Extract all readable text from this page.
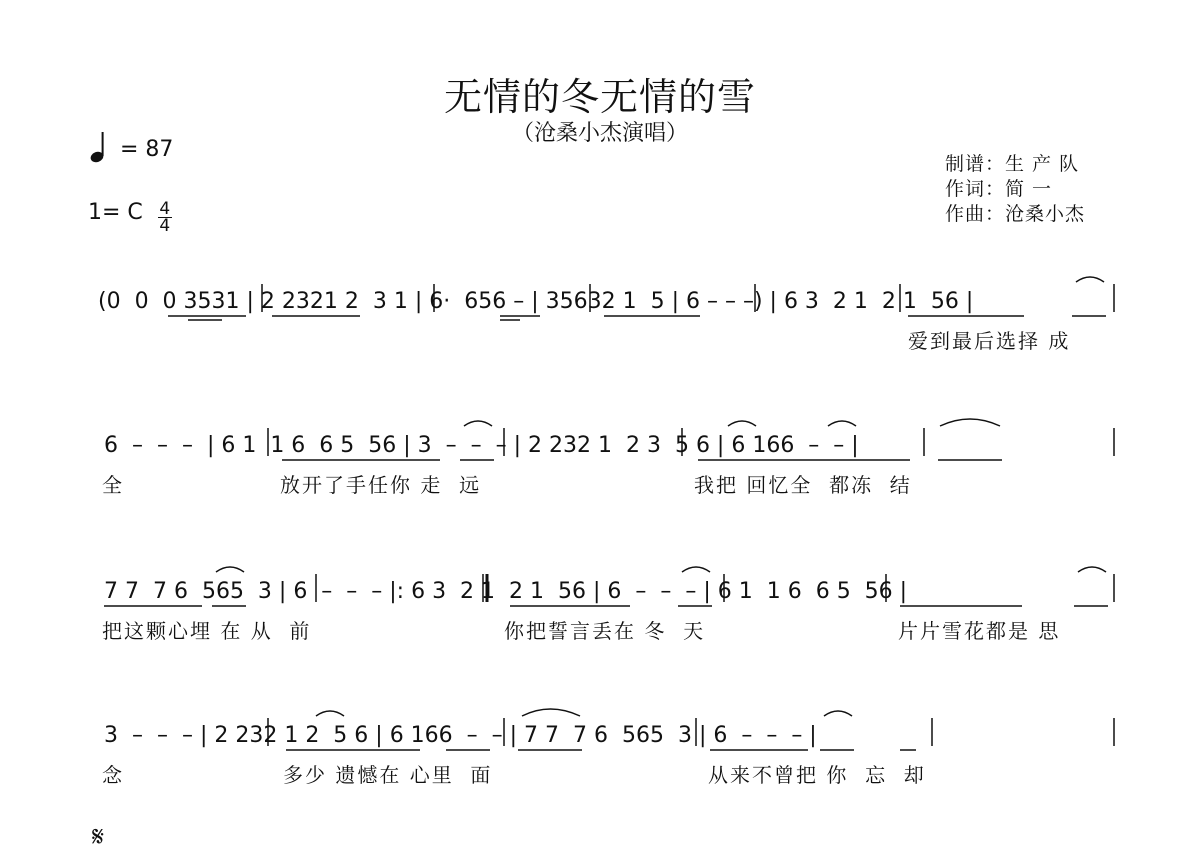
无情的冬无情的雪
（沧桑小杰演唱）
= 87
1= C $\frac{4}{4}$
制谱：生 产 队
作词：简 一
作曲：沧桑小杰
(0  0  0 3531 | 2 2321 2  3 1 | 6·  656 – | 35632 1  5 | 6 – – –) | 6 3  2 1  2 1  56 |
6  –  –  –  | 6 1  1 6  6 5  56 | 3  –  –  – | 2 232 1  2 3  5 6 | 6 166  –  – |
7 7  7 6  565  3 | 6  –  –  – |: 6 3  2 1  2 1  56 | 6  –  –  – | 6 1  1 6  6 5  56 |
3  –  –  – | 2 232 1 2  5 6 | 6 166  –  – | 7 7  7 6  565  3 | 6  –  –  – |
爱到最后选择 成
全	放开了手任你 走  远	我把 回忆全  都冻  结
把这颗心埋 在 从  前	你把誓言丢在 冬  天	片片雪花都是 思
念	多少 遗憾在 心里  面	从来不曾把 你  忘  却
𝄋
